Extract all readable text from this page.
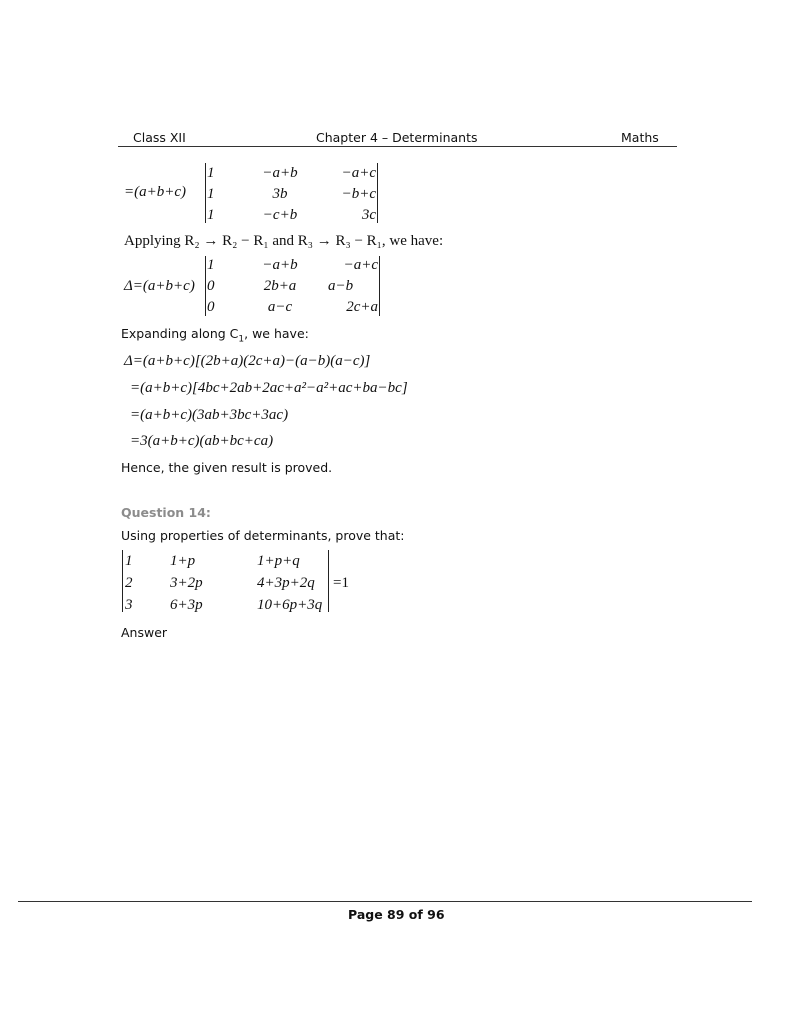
Class XII	Chapter 4 – Determinants	Maths
=(a+b+c)
1	−a+b	−a+c
1	3b	−b+c
1	−c+b	3c
Applying R₂ → R₂ − R₁ and R₃ → R₃ − R₁, we have:
Δ=(a+b+c)
1	−a+b	−a+c
0	2b+a	a−b
0	a−c	2c+a
Expanding along $C_1$, we have:
Δ=(a+b+c)[(2b+a)(2c+a)−(a−b)(a−c)]
=(a+b+c)[4bc+2ab+2ac+a²−a²+ac+ba−bc]
=(a+b+c)(3ab+3bc+3ac)
=3(a+b+c)(ab+bc+ca)
Hence, the given result is proved.
Question 14:
Using properties of determinants, prove that:
1	1+p	1+p+q
2	3+2p	4+3p+2q
3	6+3p	10+6p+3q
=1
Answer
Page 89 of 96
